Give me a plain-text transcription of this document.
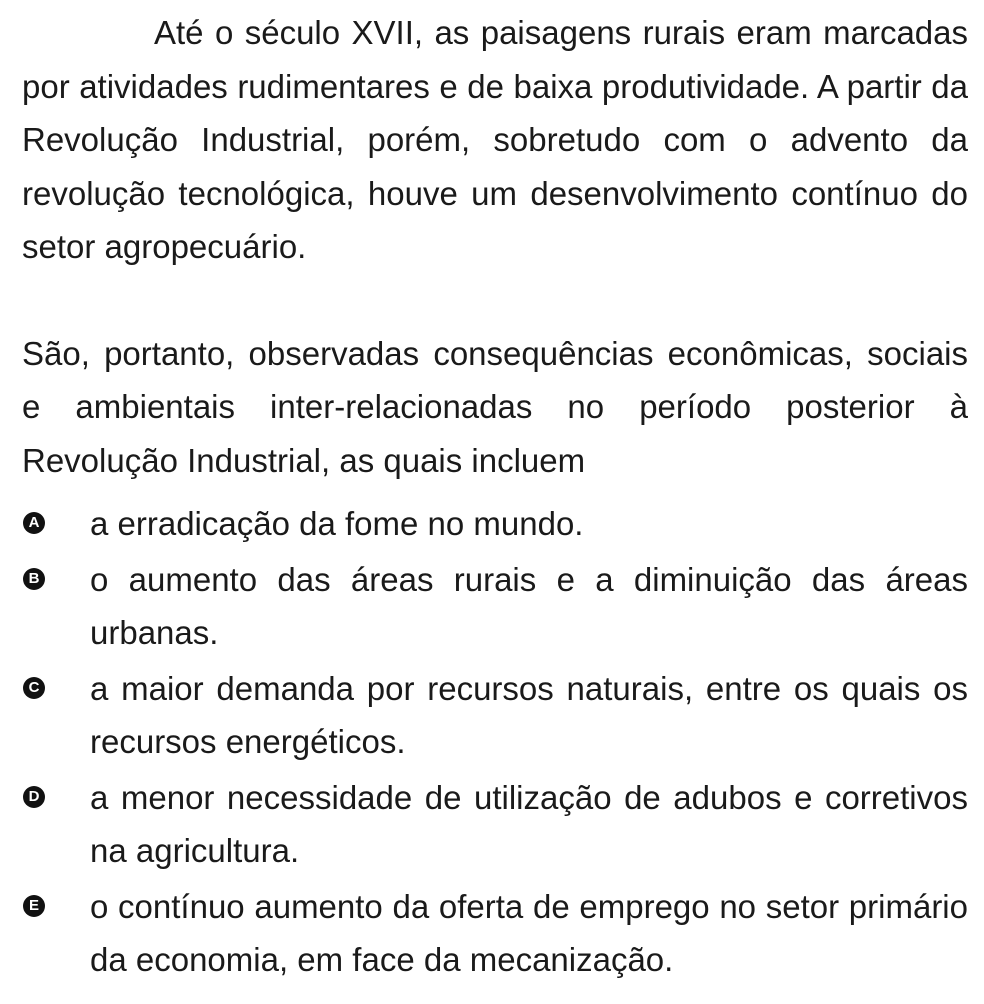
Até o século XVII, as paisagens rurais eram marcadas por atividades rudimentares e de baixa produtividade. A partir da Revolução Industrial, porém, sobretudo com o advento da revolução tecnológica, houve um desenvolvimento contínuo do setor agropecuário.

São, portanto, observadas consequências econômicas, sociais e ambientais inter-relacionadas no período posterior à Revolução Industrial, as quais incluem

A a erradicação da fome no mundo.
B o aumento das áreas rurais e a diminuição das áreas urbanas.
C a maior demanda por recursos naturais, entre os quais os recursos energéticos.
D a menor necessidade de utilização de adubos e corretivos na agricultura.
E o contínuo aumento da oferta de emprego no setor primário da economia, em face da mecanização.
